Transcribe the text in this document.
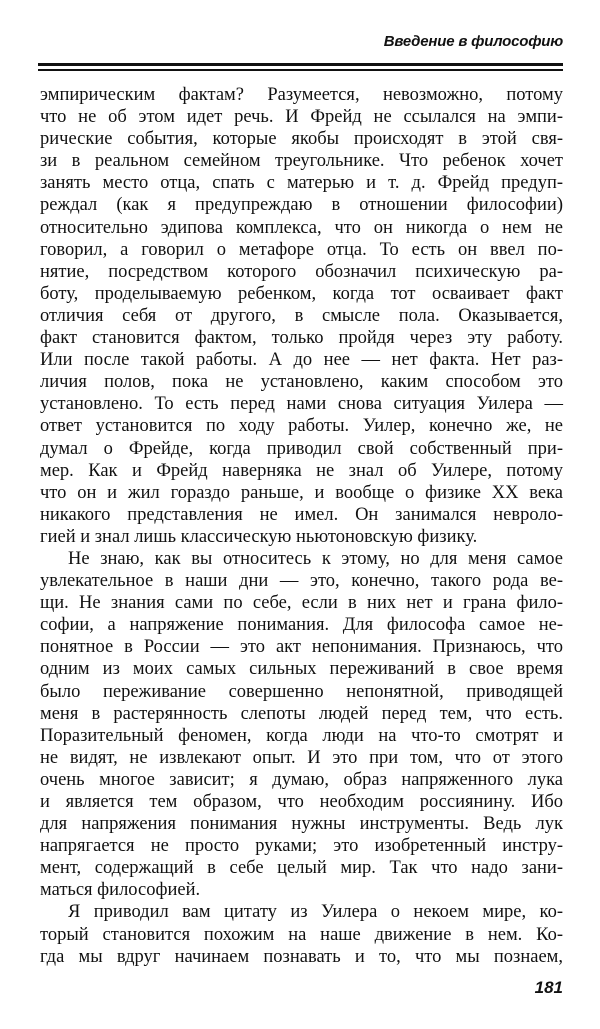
Введение в философию
эмпирическим фактам? Разумеется, невозможно, потому
что не об этом идет речь. И Фрейд не ссылался на эмпи-
рические события, которые якобы происходят в этой свя-
зи в реальном семейном треугольнике. Что ребенок хочет
занять место отца, спать с матерью и т. д. Фрейд предуп-
реждал (как я предупреждаю в отношении философии)
относительно эдипова комплекса, что он никогда о нем не
говорил, а говорил о метафоре отца. То есть он ввел по-
нятие, посредством которого обозначил психическую ра-
боту, проделываемую ребенком, когда тот осваивает факт
отличия себя от другого, в смысле пола. Оказывается,
факт становится фактом, только пройдя через эту работу.
Или после такой работы. А до нее — нет факта. Нет раз-
личия полов, пока не установлено, каким способом это
установлено. То есть перед нами снова ситуация Уилера —
ответ установится по ходу работы. Уилер, конечно же, не
думал о Фрейде, когда приводил свой собственный при-
мер. Как и Фрейд наверняка не знал об Уилере, потому
что он и жил гораздо раньше, и вообще о физике XX века
никакого представления не имел. Он занимался невроло-
гией и знал лишь классическую ньютоновскую физику.
Не знаю, как вы относитесь к этому, но для меня самое
увлекательное в наши дни — это, конечно, такого рода ве-
щи. Не знания сами по себе, если в них нет и грана фило-
софии, а напряжение понимания. Для философа самое не-
понятное в России — это акт непонимания. Признаюсь, что
одним из моих самых сильных переживаний в свое время
было переживание совершенно непонятной, приводящей
меня в растерянность слепоты людей перед тем, что есть.
Поразительный феномен, когда люди на что-то смотрят и
не видят, не извлекают опыт. И это при том, что от этого
очень многое зависит; я думаю, образ напряженного лука
и является тем образом, что необходим россиянину. Ибо
для напряжения понимания нужны инструменты. Ведь лук
напрягается не просто руками; это изобретенный инстру-
мент, содержащий в себе целый мир. Так что надо зани-
маться философией.
Я приводил вам цитату из Уилера о некоем мире, ко-
торый становится похожим на наше движение в нем. Ко-
гда мы вдруг начинаем познавать и то, что мы познаем,
181
